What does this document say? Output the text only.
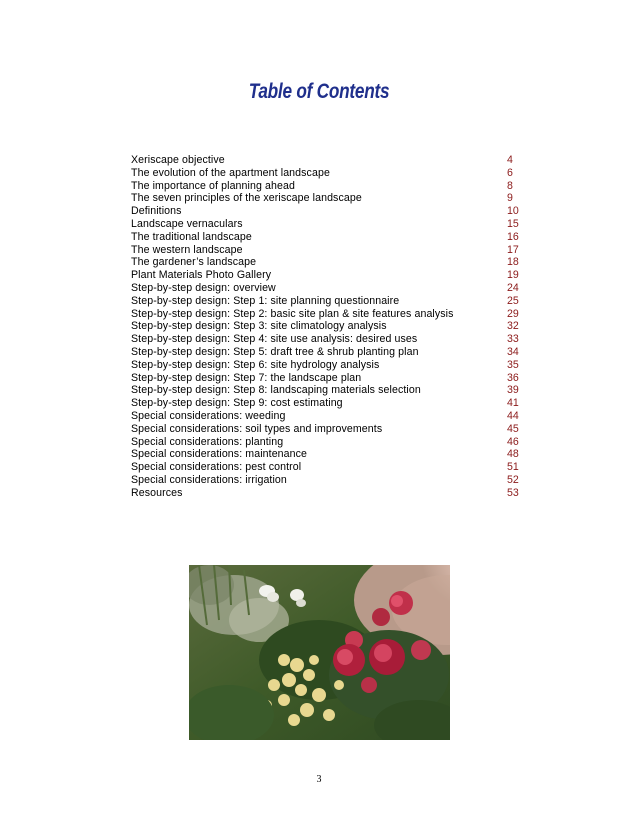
Table of Contents
Xeriscape objective	4
The evolution of the apartment landscape	6
The importance of planning ahead	8
The seven principles of the xeriscape landscape	9
Definitions	10
Landscape vernaculars	15
The traditional landscape	16
The western landscape	17
The gardener’s landscape	18
Plant Materials Photo Gallery	19
Step-by-step design: overview	24
Step-by-step design: Step 1: site planning questionnaire	25
Step-by-step design: Step 2: basic site plan & site features analysis	29
Step-by-step design: Step 3: site climatology analysis	32
Step-by-step design: Step 4: site use analysis: desired uses	33
Step-by-step design: Step 5: draft tree & shrub planting plan	34
Step-by-step design: Step 6: site hydrology analysis	35
Step-by-step design: Step 7: the landscape plan	36
Step-by-step design: Step 8: landscaping materials selection	39
Step-by-step design: Step 9: cost estimating	41
Special considerations: weeding	44
Special considerations: soil types and improvements	45
Special considerations: planting	46
Special considerations: maintenance	48
Special considerations: pest control	51
Special considerations: irrigation	52
Resources	53
3
